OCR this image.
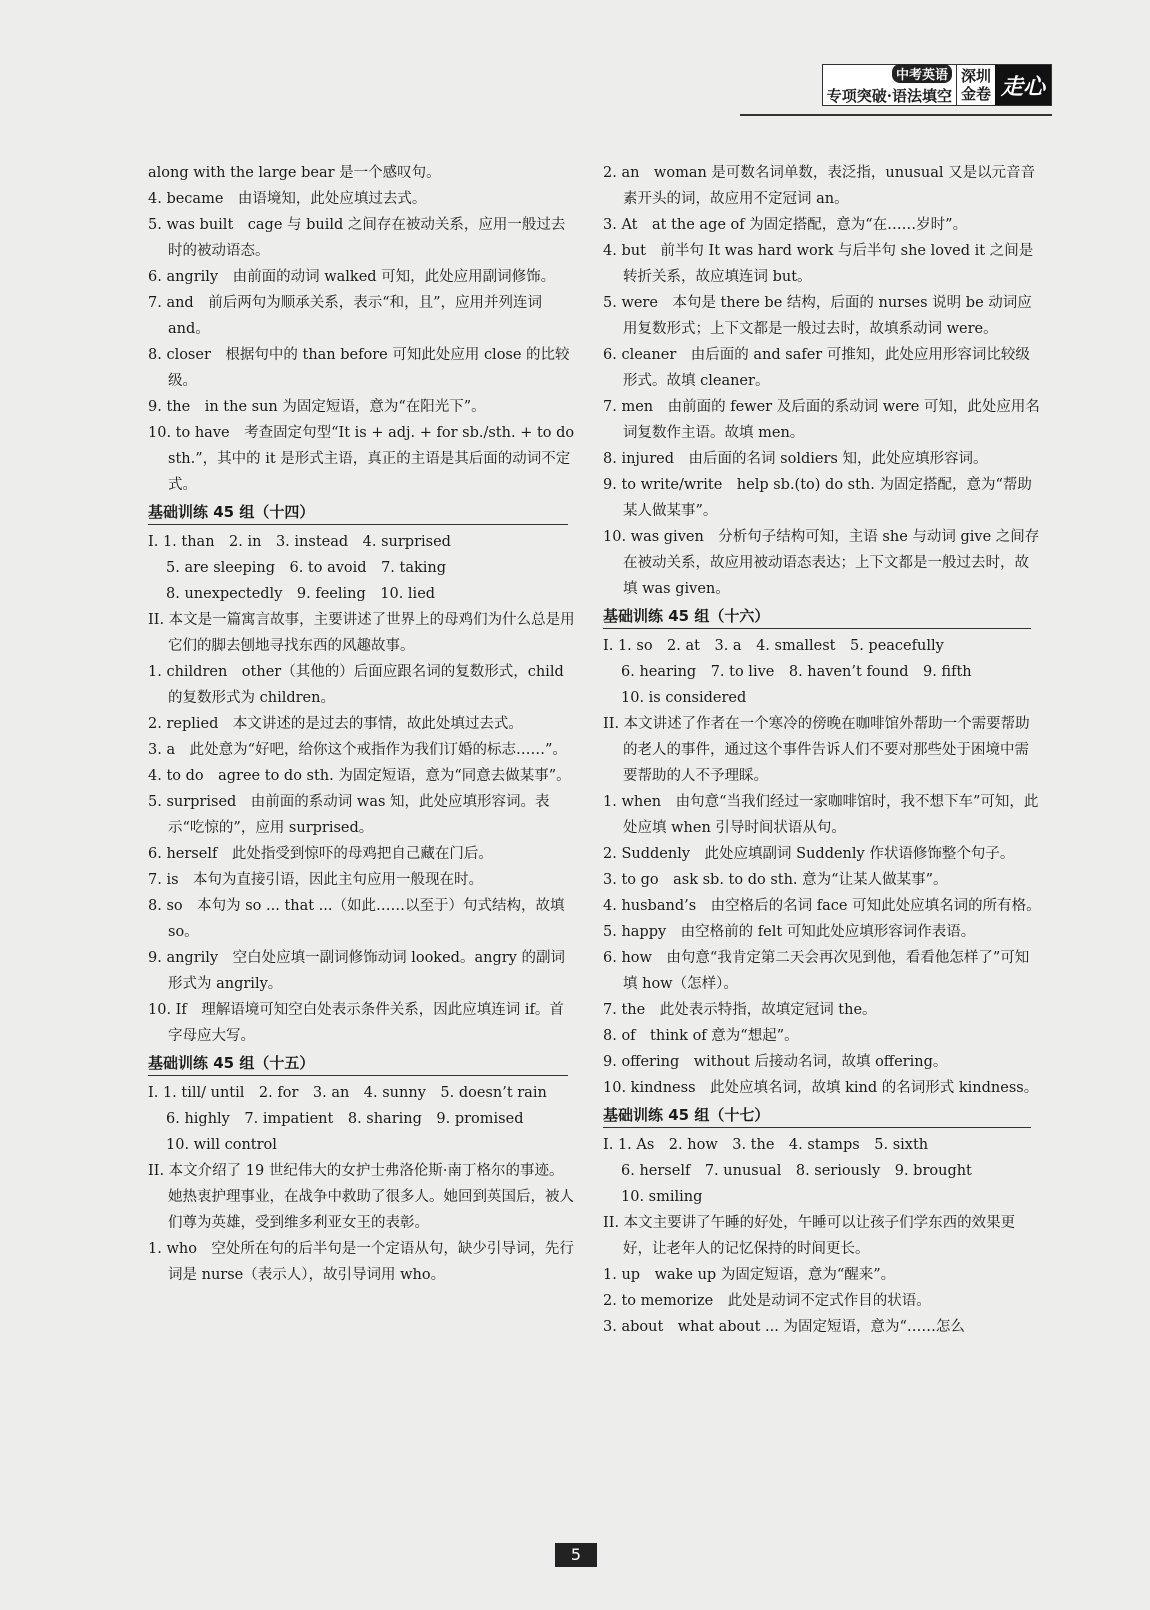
中考英语
专项突破·语法填空
深圳
金卷 走心
along with the large bear 是一个感叹句。
4. became　由语境知，此处应填过去式。
5. was built　cage 与 build 之间存在被动关系，应用一般过去时的被动语态。
6. angrily　由前面的动词 walked 可知，此处应用副词修饰。
7. and　前后两句为顺承关系，表示“和，且”，应用并列连词 and。
8. closer　根据句中的 than before 可知此处应用 close 的比较级。
9. the　in the sun 为固定短语，意为“在阳光下”。
10. to have　考查固定句型“It is + adj. + for sb./sth. + to do sth.”，其中的 it 是形式主语，真正的主语是其后面的动词不定式。
基础训练 45 组（十四）
I. 1. than　2. in　3. instead　4. surprised
5. are sleeping　6. to avoid　7. taking
8. unexpectedly　9. feeling　10. lied
II. 本文是一篇寓言故事，主要讲述了世界上的母鸡们为什么总是用它们的脚去刨地寻找东西的风趣故事。
1. children　other（其他的）后面应跟名词的复数形式，child 的复数形式为 children。
2. replied　本文讲述的是过去的事情，故此处填过去式。
3. a　此处意为“好吧，给你这个戒指作为我们订婚的标志……”。
4. to do　agree to do sth. 为固定短语，意为“同意去做某事”。
5. surprised　由前面的系动词 was 知，此处应填形容词。表示“吃惊的”，应用 surprised。
6. herself　此处指受到惊吓的母鸡把自己藏在门后。
7. is　本句为直接引语，因此主句应用一般现在时。
8. so　本句为 so ... that ...（如此……以至于）句式结构，故填 so。
9. angrily　空白处应填一副词修饰动词 looked。angry 的副词形式为 angrily。
10. If　理解语境可知空白处表示条件关系，因此应填连词 if。首字母应大写。
基础训练 45 组（十五）
I. 1. till/ until　2. for　3. an　4. sunny　5. doesn’t rain
6. highly　7. impatient　8. sharing　9. promised
10. will control
II. 本文介绍了 19 世纪伟大的女护士弗洛伦斯·南丁格尔的事迹。她热衷护理事业，在战争中救助了很多人。她回到英国后，被人们尊为英雄，受到维多利亚女王的表彰。
1. who　空处所在句的后半句是一个定语从句，缺少引导词，先行词是 nurse（表示人），故引导词用 who。
2. an　woman 是可数名词单数，表泛指，unusual 又是以元音音素开头的词，故应用不定冠词 an。
3. At　at the age of 为固定搭配，意为“在……岁时”。
4. but　前半句 It was hard work 与后半句 she loved it 之间是转折关系，故应填连词 but。
5. were　本句是 there be 结构，后面的 nurses 说明 be 动词应用复数形式；上下文都是一般过去时，故填系动词 were。
6. cleaner　由后面的 and safer 可推知，此处应用形容词比较级形式。故填 cleaner。
7. men　由前面的 fewer 及后面的系动词 were 可知，此处应用名词复数作主语。故填 men。
8. injured　由后面的名词 soldiers 知，此处应填形容词。
9. to write/write　help sb.(to) do sth. 为固定搭配，意为“帮助某人做某事”。
10. was given　分析句子结构可知，主语 she 与动词 give 之间存在被动关系，故应用被动语态表达；上下文都是一般过去时，故填 was given。
基础训练 45 组（十六）
I. 1. so　2. at　3. a　4. smallest　5. peacefully
6. hearing　7. to live　8. haven’t found　9. fifth
10. is considered
II. 本文讲述了作者在一个寒冷的傍晚在咖啡馆外帮助一个需要帮助的老人的事件，通过这个事件告诉人们不要对那些处于困境中需要帮助的人不予理睬。
1. when　由句意“当我们经过一家咖啡馆时，我不想下车”可知，此处应填 when 引导时间状语从句。
2. Suddenly　此处应填副词 Suddenly 作状语修饰整个句子。
3. to go　ask sb. to do sth. 意为“让某人做某事”。
4. husband’s　由空格后的名词 face 可知此处应填名词的所有格。
5. happy　由空格前的 felt 可知此处应填形容词作表语。
6. how　由句意“我肯定第二天会再次见到他，看看他怎样了”可知填 how（怎样）。
7. the　此处表示特指，故填定冠词 the。
8. of　think of 意为“想起”。
9. offering　without 后接动名词，故填 offering。
10. kindness　此处应填名词，故填 kind 的名词形式 kindness。
基础训练 45 组（十七）
I. 1. As　2. how　3. the　4. stamps　5. sixth
6. herself　7. unusual　8. seriously　9. brought
10. smiling
II. 本文主要讲了午睡的好处，午睡可以让孩子们学东西的效果更好，让老年人的记忆保持的时间更长。
1. up　wake up 为固定短语，意为“醒来”。
2. to memorize　此处是动词不定式作目的状语。
3. about　what about ... 为固定短语，意为“……怎么
5
